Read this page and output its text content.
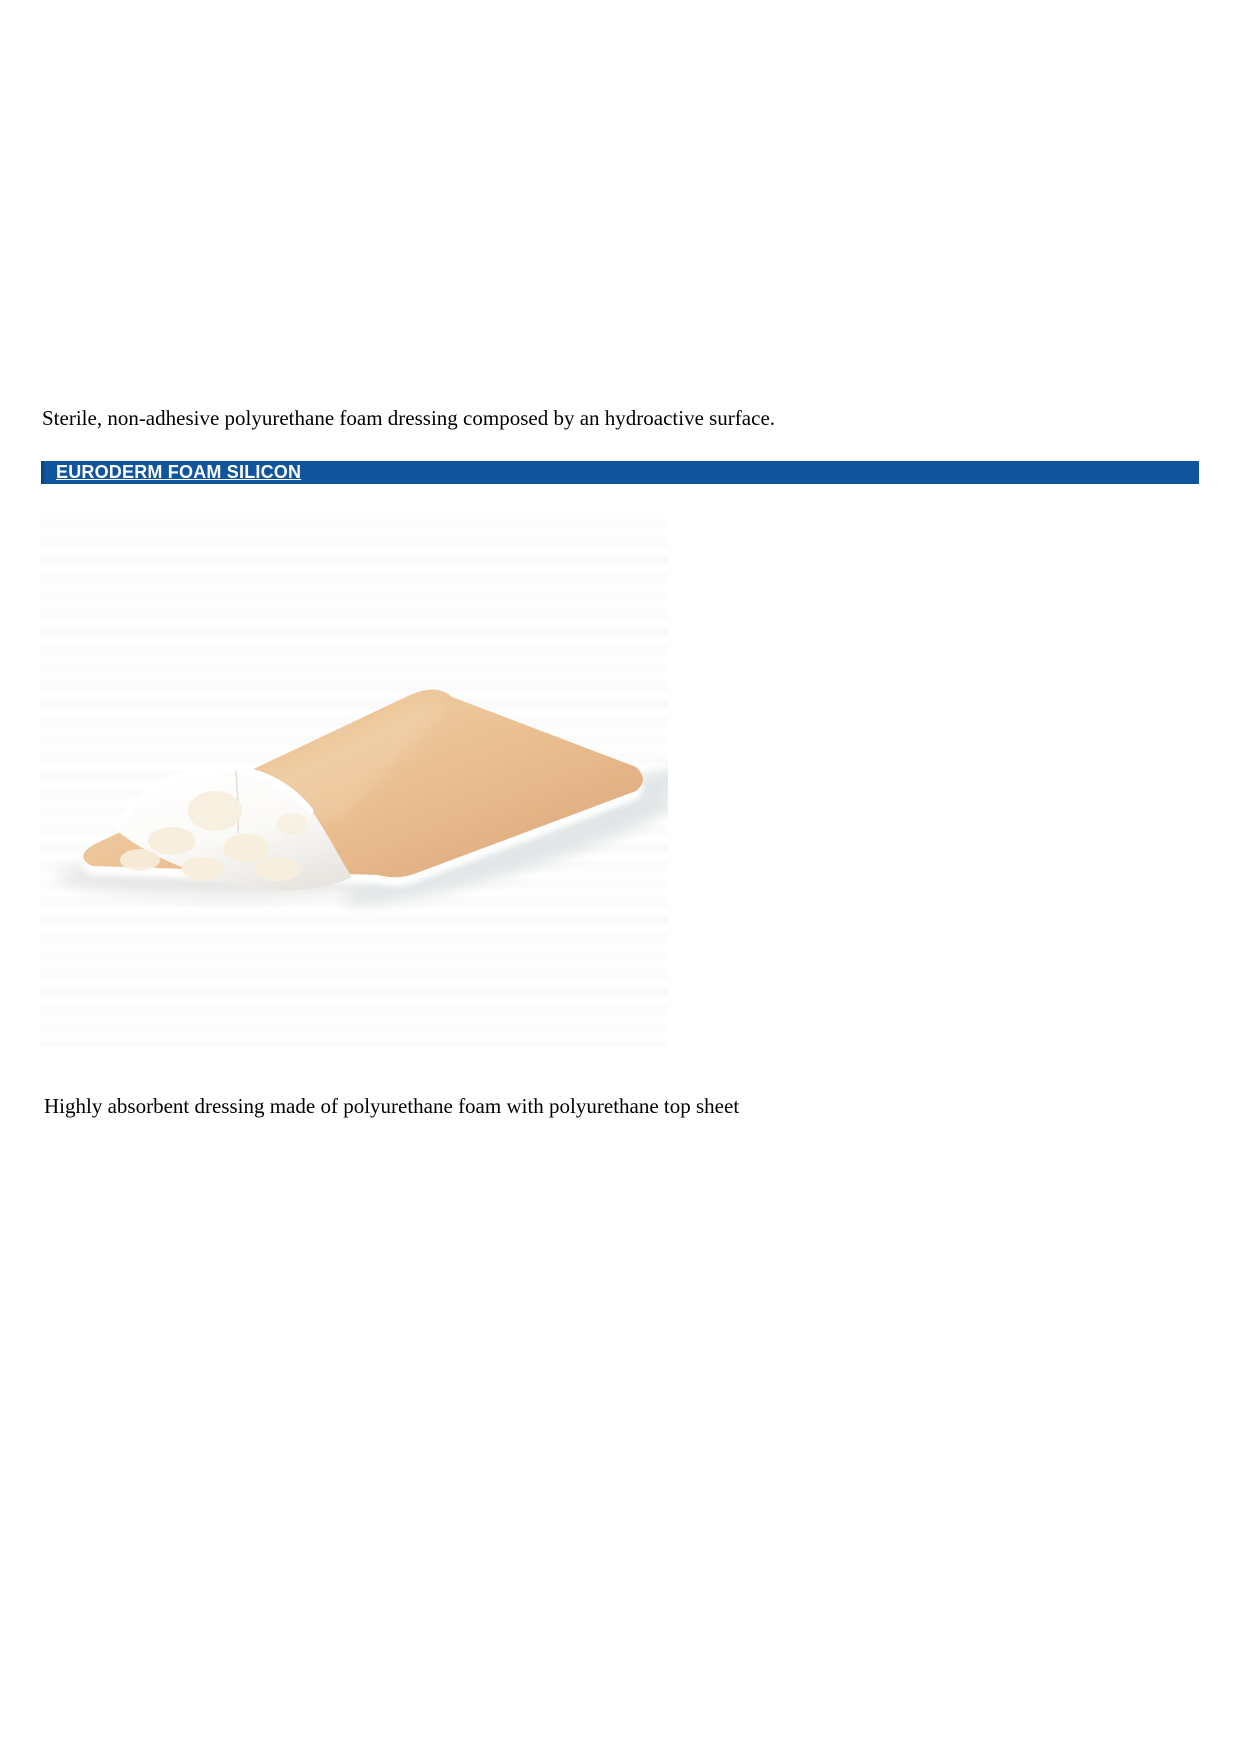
Sterile, non-adhesive polyurethane foam dressing composed by an hydroactive surface.
EURODERM FOAM SILICON
Highly absorbent dressing made of polyurethane foam with polyurethane top sheet
